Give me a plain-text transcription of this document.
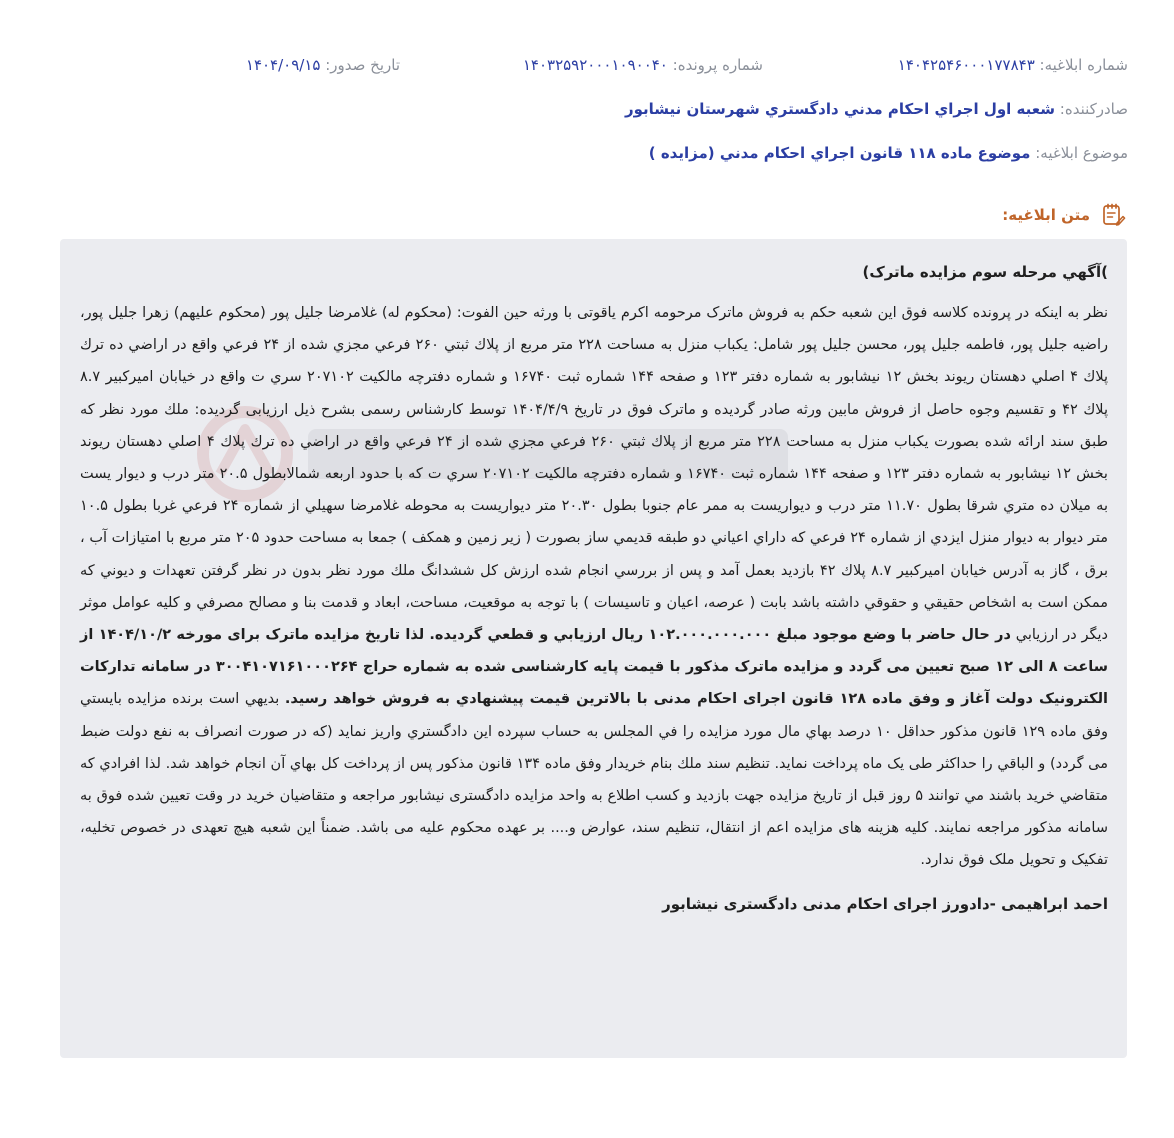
شماره ابلاغیه: ۱۴۰۴۲۵۴۶۰۰۰۱۷۷۸۴۳
شماره پرونده: ۱۴۰۳۲۵۹۲۰۰۰۱۰۹۰۰۴۰
تاریخ صدور: ۱۴۰۴/۰۹/۱۵
صادرکننده: شعبه اول اجراي احكام مدني دادگستري شهرستان نيشابور
موضوع ابلاغیه: موضوع ماده ۱۱۸ قانون اجراي احكام مدني (مزايده )
متن ابلاغیه:
)آگهي مرحله سوم مزايده ماترک)
نظر به اینکه در پرونده کلاسه فوق این شعبه حکم به فروش ماترک مرحومه اکرم یاقوتی با ورثه حین الفوت: (محکوم له) غلامرضا جلیل پور (محکوم علیهم) زهرا جلیل پور، راضیه جلیل پور، فاطمه جلیل پور، محسن جلیل پور شامل: يكباب منزل به مساحت ۲۲۸ متر مربع از پلاك ثبتي ۲۶۰ فرعي مجزي شده از ۲۴ فرعي واقع در اراضي ده ترك پلاك ۴ اصلي دهستان ريوند بخش ۱۲ نيشابور به شماره دفتر ۱۲۳ و صفحه ۱۴۴ شماره ثبت ۱۶۷۴۰ و شماره دفترچه مالکیت ۲۰۷۱۰۲ سري ت واقع در خيابان اميركبير ۸.۷ پلاك ۴۲ و تقسيم وجوه حاصل از فروش مابین ورثه صادر گردیده و ماترک فوق در تاریخ ۱۴۰۴/۴/۹ توسط کارشناس رسمی بشرح ذیل ارزیابی گردیده: ملك مورد نظر كه طبق سند ارائه شده بصورت يكباب منزل به مساحت ۲۲۸ متر مربع از پلاك ثبتي ۲۶۰ فرعي مجزي شده از ۲۴ فرعي واقع در اراضي ده ترك پلاك ۴ اصلي دهستان ريوند بخش ۱۲ نيشابور به شماره دفتر ۱۲۳ و صفحه ۱۴۴ شماره ثبت ۱۶۷۴۰ و شماره دفترچه مالكيت ۲۰۷۱۰۲ سري ت كه با حدود اربعه شمالابطول ۲۰.۵ متر درب و ديوار يست به ميلان ده متري شرقا بطول ۱۱.۷۰ متر درب و ديواريست به ممر عام جنوبا بطول ۲۰.۳۰ متر ديواريست به محوطه غلامرضا سهيلي از شماره ۲۴ فرعي غربا بطول ۱۰.۵ متر ديوار به ديوار منزل ايزدي از شماره ۲۴ فرعي كه داراي اعياني دو طبقه قديمي ساز بصورت ( زير زمين و همكف ) جمعا به مساحت حدود ۲۰۵ متر مربع با امتيازات آب ، برق ، گاز به آدرس خيابان اميركبير ۸.۷ پلاك ۴۲ بازديد بعمل آمد و پس از بررسي انجام شده ارزش كل ششدانگ ملك مورد نظر بدون در نظر گرفتن تعهدات و ديوني كه ممكن است به اشخاص حقيقي و حقوقي داشته باشد بابت ( عرصه، اعيان و تاسيسات ) با توجه به موقعيت، مساحت، ابعاد و قدمت بنا و مصالح مصرفي و كليه عوامل موثر ديگر در ارزيابي در حال حاضر با وضع موجود مبلغ ۱۰۲.۰۰۰.۰۰۰.۰۰۰ ريال ارزيابي و قطعي گرديده. لذا تاریخ مزایده ماترک برای مورخه ۱۴۰۴/۱۰/۲ از ساعت ۸ الی ۱۲ صبح تعیین می گردد و مزایده ماترک مذکور با قیمت پایه کارشناسی شده به شماره حراج ۳۰۰۴۱۰۷۱۶۱۰۰۰۲۶۴ در سامانه تدارکات الکترونیک دولت آغاز و وفق ماده ۱۲۸ قانون اجرای احکام مدنی با بالاترین قیمت پیشنهادي به فروش خواهد رسيد. بديهي است برنده مزايده بايستي وفق ماده ۱۲۹ قانون مذكور حداقل ۱۰ درصد بهاي مال مورد مزايده را في المجلس به حساب سپرده اين دادگستري واريز نمايد (كه در صورت انصراف به نفع دولت ضبط مى گردد) و الباقي را حداكثر طى یک ماه پرداخت نمايد. تنظيم سند ملك بنام خريدار وفق ماده ۱۳۴ قانون مذكور پس از پرداخت كل بهاي آن انجام خواهد شد. لذا افرادي كه متقاضي خريد باشند مي توانند ۵ روز قبل از تاريخ مزايده جهت بازديد و كسب اطلاع به واحد مزایده دادگستری نیشابور مراجعه و متقاضیان خرید در وقت تعیین شده فوق به سامانه مذکور مراجعه نمایند. کلیه هزینه های مزایده اعم از انتقال، تنظیم سند، عوارض و.... بر عهده محکوم علیه می باشد. ضمناً این شعبه هیچ تعهدی در خصوص تخلیه، تفکیک و تحویل ملک فوق ندارد.
احمد ابراهیمی -دادورز اجرای احکام مدنی دادگستری نیشابور
